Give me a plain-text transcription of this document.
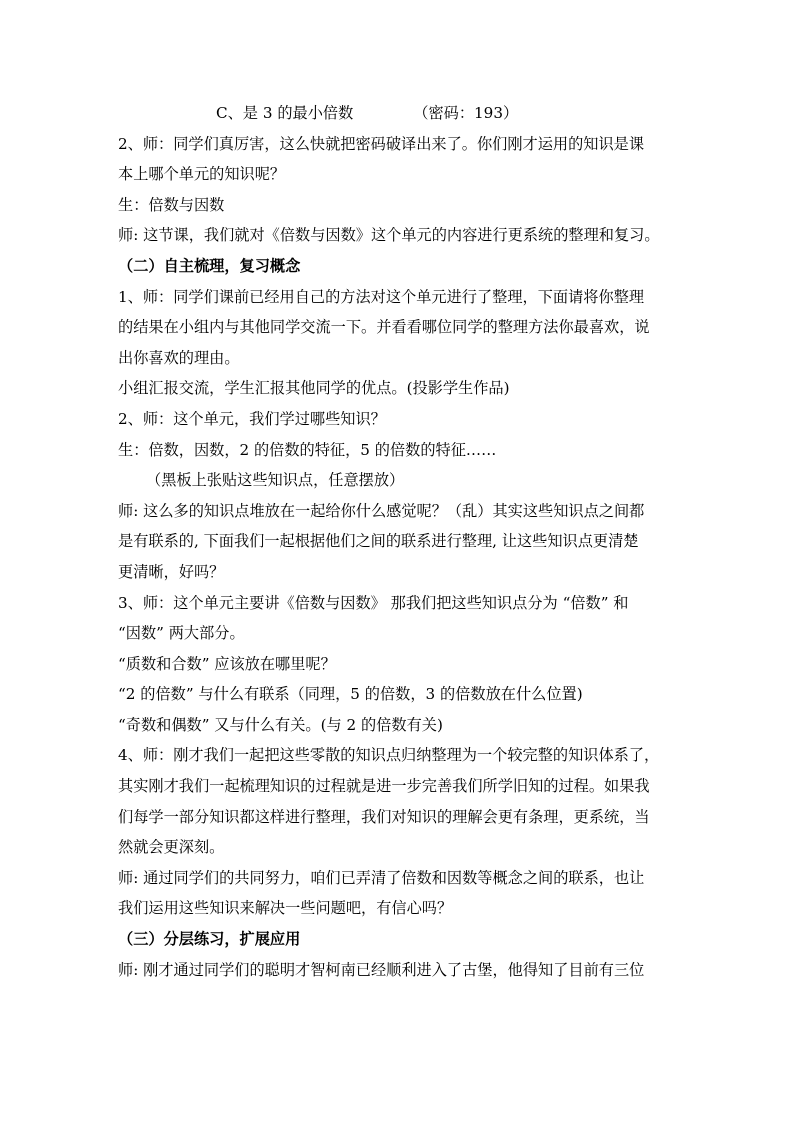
C、是 3 的最小倍数	（密码：193）

2、师：同学们真厉害，这么快就把密码破译出来了。你们刚才运用的知识是课

本上哪个单元的知识呢？

生：倍数与因数

师: 这节课，我们就对《倍数与因数》这个单元的内容进行更系统的整理和复习。

（二）自主梳理，复习概念

1、师：同学们课前已经用自己的方法对这个单元进行了整理，下面请将你整理

的结果在小组内与其他同学交流一下。并看看哪位同学的整理方法你最喜欢，说

出你喜欢的理由。

小组汇报交流，学生汇报其他同学的优点。(投影学生作品)

2、师：这个单元，我们学过哪些知识？

生：倍数，因数，2 的倍数的特征，5 的倍数的特征……

（黑板上张贴这些知识点，任意摆放）

师: 这么多的知识点堆放在一起给你什么感觉呢？（乱）其实这些知识点之间都

是有联系的, 下面我们一起根据他们之间的联系进行整理, 让这些知识点更清楚

更清晰，好吗？

3、师：这个单元主要讲《倍数与因数》 那我们把这些知识点分为 “倍数” 和

“因数” 两大部分。

“质数和合数” 应该放在哪里呢？

“2 的倍数” 与什么有联系（同理，5 的倍数，3 的倍数放在什么位置)

“奇数和偶数” 又与什么有关。(与 2 的倍数有关)

4、师：刚才我们一起把这些零散的知识点归纳整理为一个较完整的知识体系了，

其实刚才我们一起梳理知识的过程就是进一步完善我们所学旧知的过程。如果我

们每学一部分知识都这样进行整理，我们对知识的理解会更有条理，更系统，当

然就会更深刻。

师: 通过同学们的共同努力，咱们已弄清了倍数和因数等概念之间的联系，也让

我们运用这些知识来解决一些问题吧，有信心吗？

（三）分层练习，扩展应用

师: 刚才通过同学们的聪明才智柯南已经顺利进入了古堡，他得知了目前有三位
